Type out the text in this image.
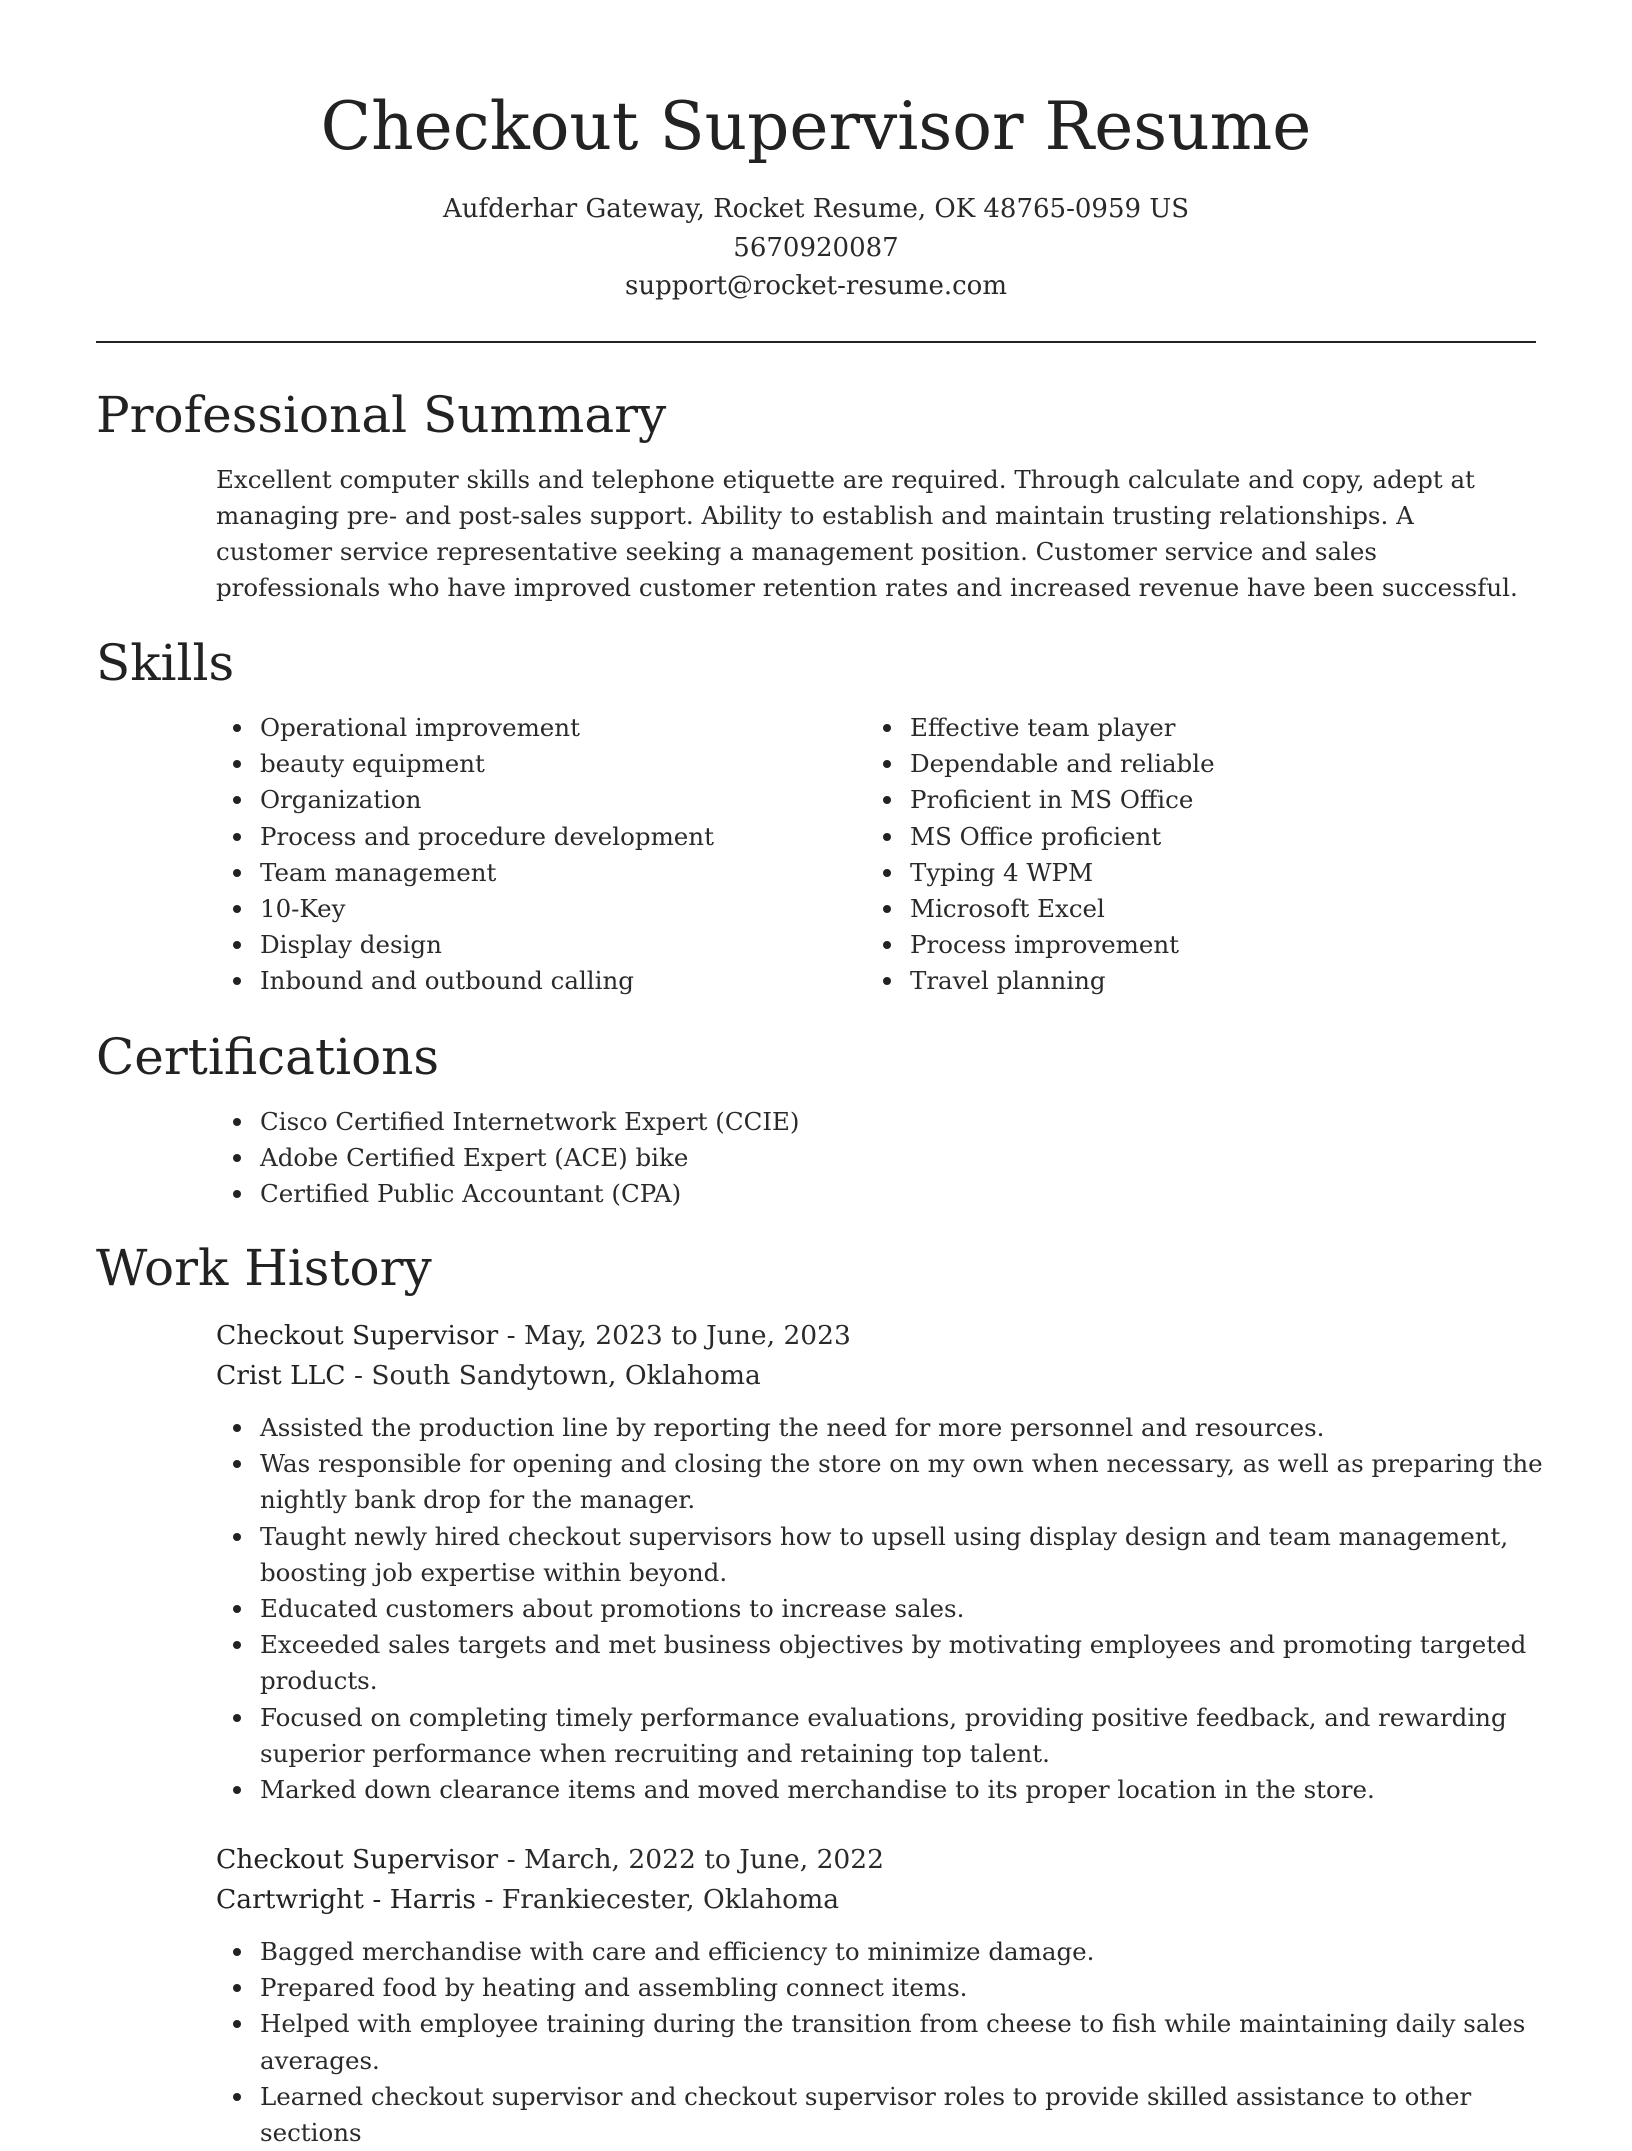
Checkout Supervisor Resume
Aufderhar Gateway, Rocket Resume, OK 48765-0959 US
5670920087
support@rocket-resume.com
Professional Summary

Excellent computer skills and telephone etiquette are required. Through calculate and copy, adept at managing pre- and post-sales support. Ability to establish and maintain trusting relationships. A customer service representative seeking a management position. Customer service and sales professionals who have improved customer retention rates and increased revenue have been successful.

Skills
Operational improvement
beauty equipment
Organization
Process and procedure development
Team management
10-Key
Display design
Inbound and outbound calling
Effective team player
Dependable and reliable
Proficient in MS Office
MS Office proficient
Typing 4 WPM
Microsoft Excel
Process improvement
Travel planning
Certifications
Cisco Certified Internetwork Expert (CCIE)
Adobe Certified Expert (ACE) bike
Certified Public Accountant (CPA)
Work History
Checkout Supervisor - May, 2023 to June, 2023
Crist LLC - South Sandytown, Oklahoma
Assisted the production line by reporting the need for more personnel and resources.
Was responsible for opening and closing the store on my own when necessary, as well as preparing the nightly bank drop for the manager.
Taught newly hired checkout supervisors how to upsell using display design and team management, boosting job expertise within beyond.
Educated customers about promotions to increase sales.
Exceeded sales targets and met business objectives by motivating employees and promoting targeted products.
Focused on completing timely performance evaluations, providing positive feedback, and rewarding superior performance when recruiting and retaining top talent.
Marked down clearance items and moved merchandise to its proper location in the store.
Checkout Supervisor - March, 2022 to June, 2022
Cartwright - Harris - Frankiecester, Oklahoma
Bagged merchandise with care and efficiency to minimize damage.
Prepared food by heating and assembling connect items.
Helped with employee training during the transition from cheese to fish while maintaining daily sales averages.
Learned checkout supervisor and checkout supervisor roles to provide skilled assistance to other sections
